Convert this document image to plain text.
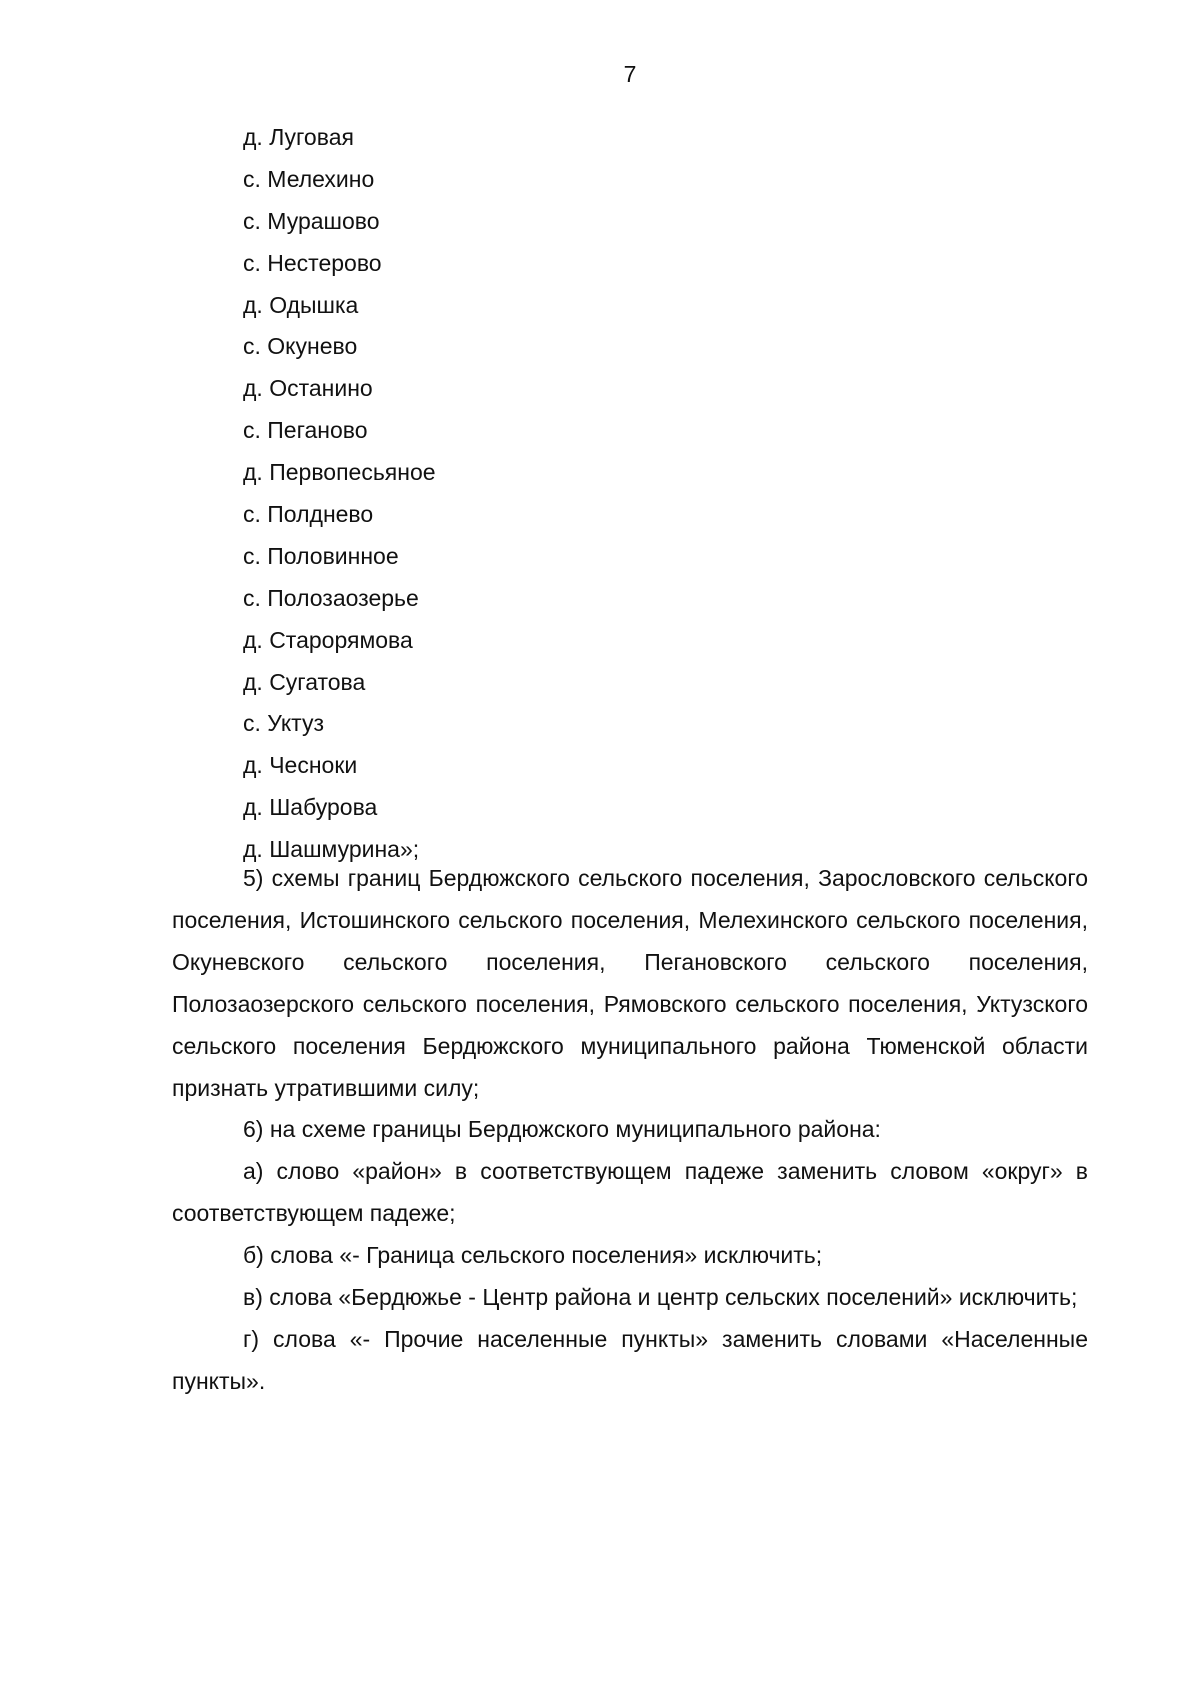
7
д. Луговая
с. Мелехино
с. Мурашово
с. Нестерово
д. Одышка
с. Окунево
д. Останино
с. Пеганово
д. Первопесьяное
с. Полднево
с. Половинное
с. Полозаозерье
д. Старорямова
д. Сугатова
с. Уктуз
д. Чесноки
д. Шабурова
д. Шашмурина»;

5) схемы границ Бердюжского сельского поселения, Зарословского сельского поселения, Истошинского сельского поселения, Мелехинского сельского поселения, Окуневского сельского поселения, Пегановского сельского поселения, Полозаозерского сельского поселения, Рямовского сельского поселения, Уктузского сельского поселения Бердюжского муниципального района Тюменской области признать утратившими силу;

6) на схеме границы Бердюжского муниципального района:

а) слово «район» в соответствующем падеже заменить словом «округ» в соответствующем падеже;

б) слова «- Граница сельского поселения» исключить;

в) слова «Бердюжье - Центр района и центр сельских поселений» исключить;

г) слова «- Прочие населенные пункты» заменить словами «Населенные пункты».
